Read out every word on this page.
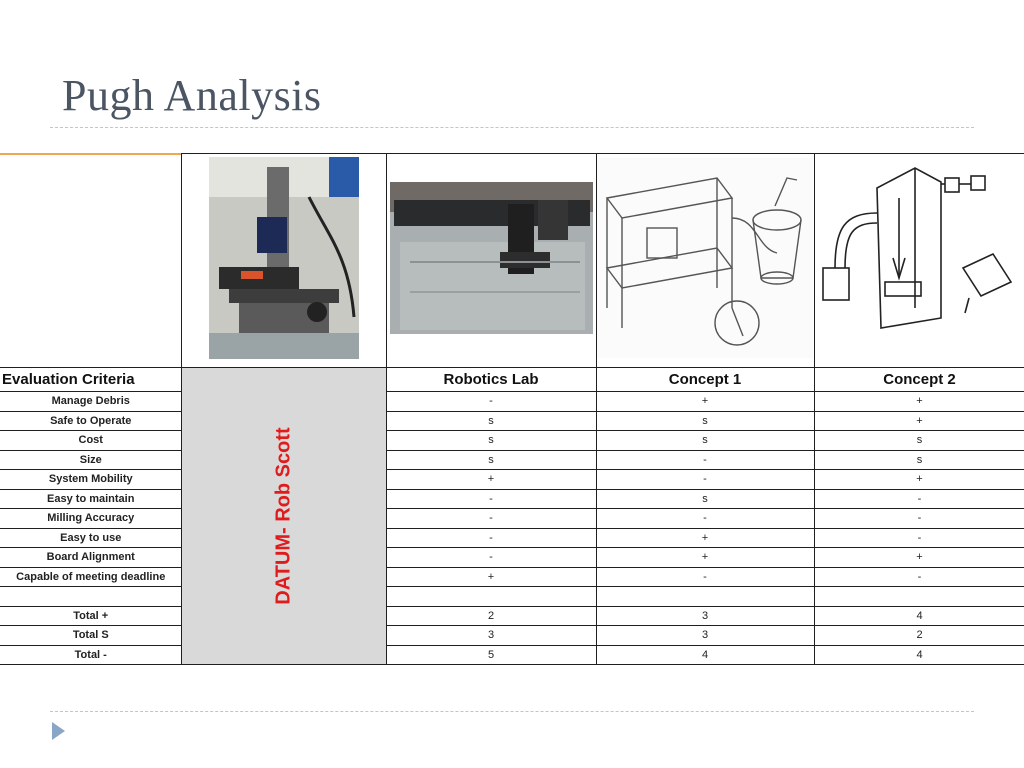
Pugh Analysis

Evaluation Criteria	DATUM- Rob Scott	Robotics Lab	Concept 1	Concept 2
Manage Debris		-	+	+
Safe to Operate		s	s	+
Cost		s	s	s
Size		s	-	s
System Mobility		+	-	+
Easy to maintain		-	s	-
Milling Accuracy		-	-	-
Easy to use		-	+	-
Board Alignment		-	+	+
Capable of meeting deadline		+	-	-

Total +		2	3	4
Total S		3	3	2
Total -		5	4	4
